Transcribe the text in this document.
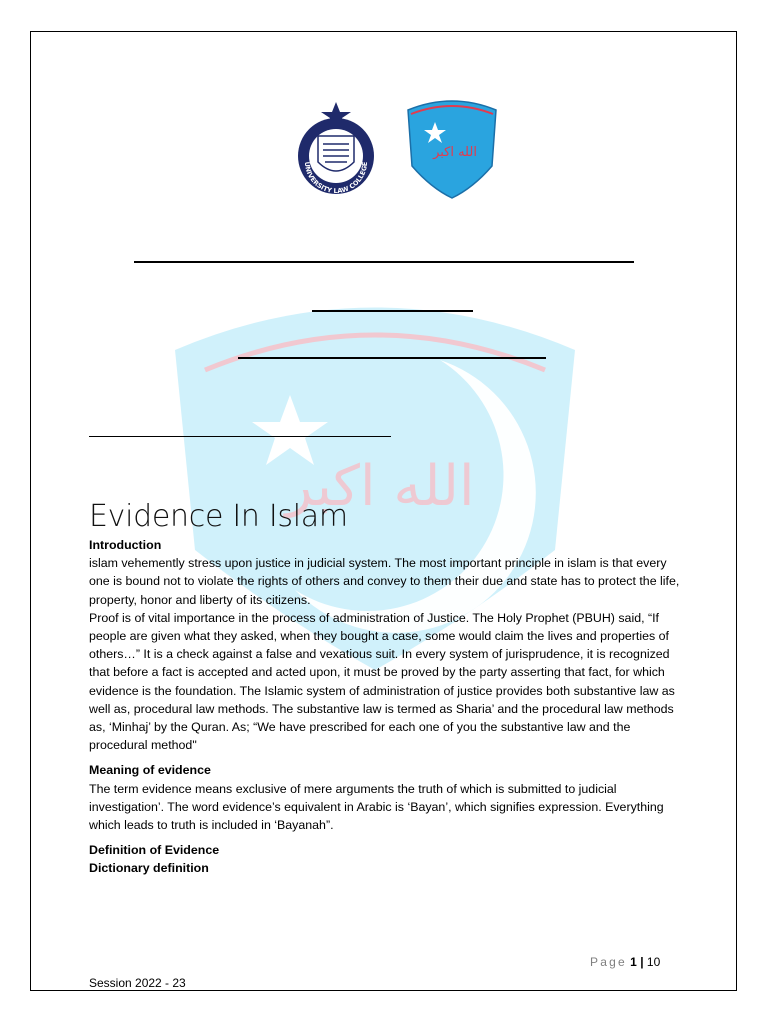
الله اکبر
UNIVERSITY LAW COLLEGE
الله اکبر
Evidence In Islam

Introduction

islam vehemently stress upon justice in judicial system. The most important principle in islam is that every one is bound not to violate the rights of others and convey to them their due and state has to protect the life, property, honor and liberty of its citizens.

Proof is of vital importance in the process of administration of Justice. The Holy Prophet (PBUH) said, “If people are given what they asked, when they bought a case, some would claim the lives and properties of others…” It is a check against a false and vexatious suit. In every system of jurisprudence, it is recognized that before a fact is accepted and acted upon, it must be proved by the party asserting that fact, for which evidence is the foundation. The Islamic system of administration of justice provides both substantive law as well as, procedural law methods. The substantive law is termed as Sharia’ and the procedural law methods as, ‘Minhaj’ by the Quran. As; “We have prescribed for each one of you the substantive law and the procedural method"

Meaning of evidence

The term evidence means exclusive of mere arguments the truth of which is submitted to judicial investigation’. The word evidence’s equivalent in Arabic is ‘Bayan’, which signifies expression. Everything which leads to truth is included in ‘Bayanah”.

Definition of Evidence

Dictionary definition

Page 1 | 10
Session 2022 - 23
